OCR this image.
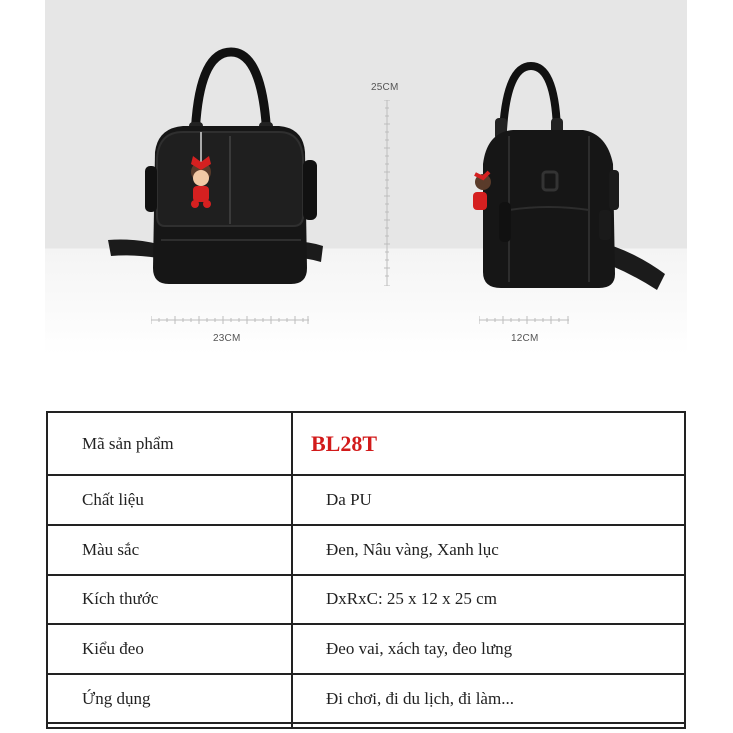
25CM
23CM	12CM
Mã sản phẩm	BL28T
Chất liệu	Da PU
Màu sắc	Đen, Nâu vàng, Xanh lục
Kích thước	DxRxC: 25 x 12 x 25 cm
Kiểu đeo	Đeo vai, xách tay, đeo lưng
Ứng dụng	Đi chơi, đi du lịch, đi làm...
